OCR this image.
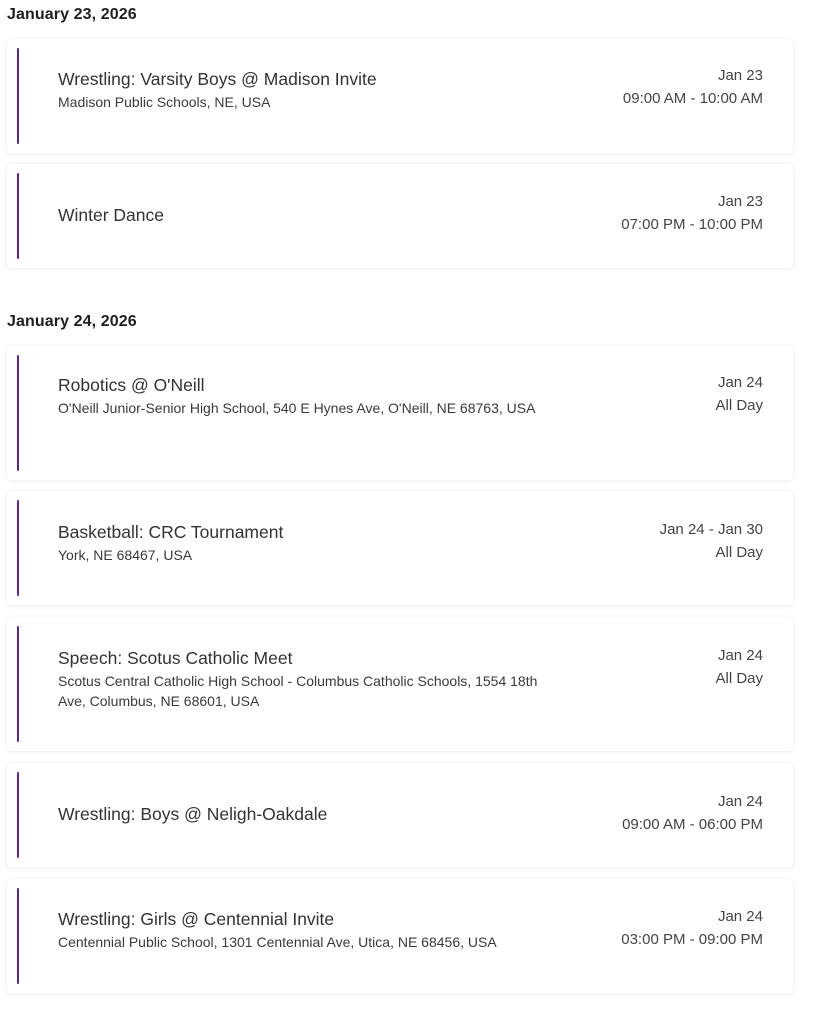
January 23, 2026
Wrestling: Varsity Boys @ Madison Invite
Madison Public Schools, NE, USA
Jan 23
09:00 AM - 10:00 AM
Winter Dance
Jan 23
07:00 PM - 10:00 PM
January 24, 2026
Robotics @ O'Neill
O'Neill Junior-Senior High School, 540 E Hynes Ave, O'Neill, NE 68763, USA
Jan 24
All Day
Basketball: CRC Tournament
York, NE 68467, USA
Jan 24 - Jan 30
All Day
Speech: Scotus Catholic Meet
Scotus Central Catholic High School - Columbus Catholic Schools, 1554 18th Ave, Columbus, NE 68601, USA
Jan 24
All Day
Wrestling: Boys @ Neligh-Oakdale
Jan 24
09:00 AM - 06:00 PM
Wrestling: Girls @ Centennial Invite
Centennial Public School, 1301 Centennial Ave, Utica, NE 68456, USA
Jan 24
03:00 PM - 09:00 PM
